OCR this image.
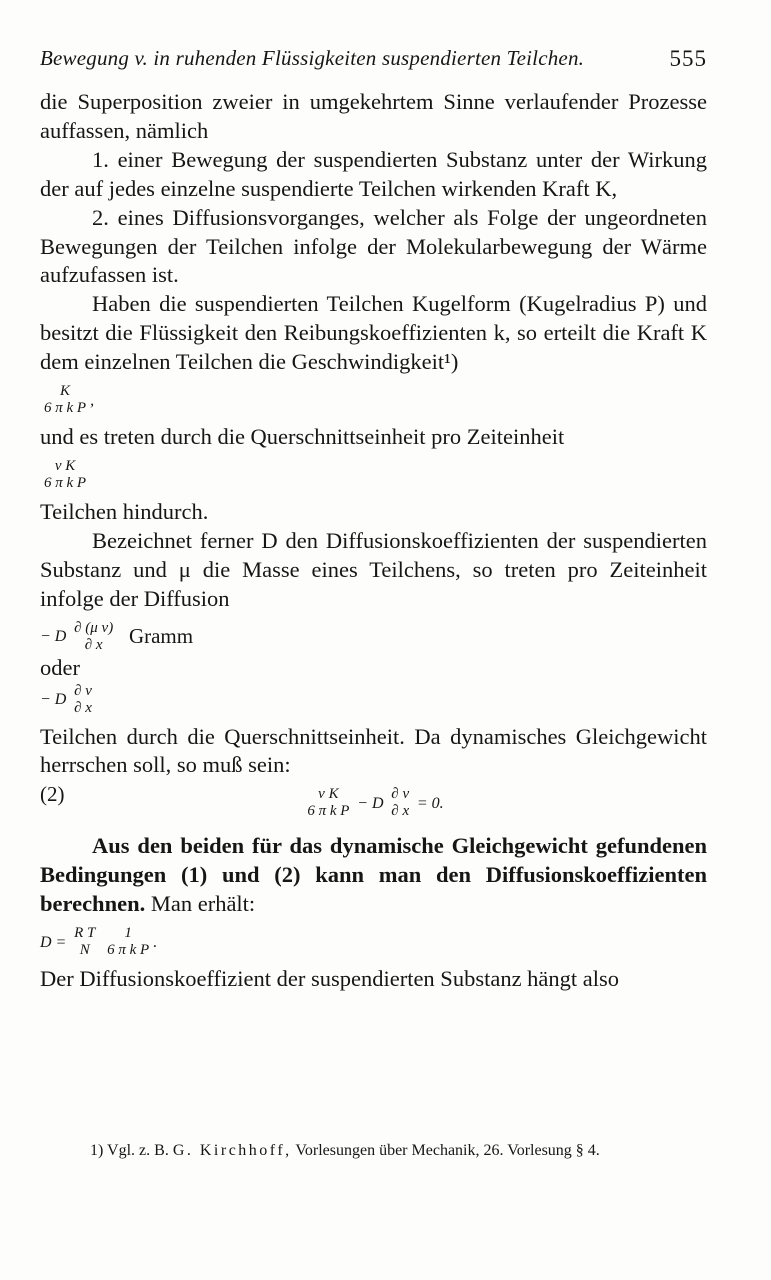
Bewegung v. in ruhenden Flüssigkeiten suspendierten Teilchen.	555

die Superposition zweier in umgekehrtem Sinne verlaufender Prozesse auffassen, nämlich

1. einer Bewegung der suspendierten Substanz unter der Wirkung der auf jedes einzelne suspendierte Teilchen wirkenden Kraft K,

2. eines Diffusionsvorganges, welcher als Folge der ungeordneten Bewegungen der Teilchen infolge der Molekularbewegung der Wärme aufzufassen ist.

Haben die suspendierten Teilchen Kugelform (Kugelradius P) und besitzt die Flüssigkeit den Reibungskoeffizienten k, so erteilt die Kraft K dem einzelnen Teilchen die Geschwindigkeit¹)

K
6 π k P ,

und es treten durch die Querschnittseinheit pro Zeiteinheit

ν K
6 π k P

Teilchen hindurch.

Bezeichnet ferner D den Diffusionskoeffizienten der suspendierten Substanz und μ die Masse eines Teilchens, so treten pro Zeiteinheit infolge der Diffusion

− D
∂ (μ ν)
∂ x	Gramm

oder

− D
∂ ν
∂ x

Teilchen durch die Querschnittseinheit. Da dynamisches Gleichgewicht herrschen soll, so muß sein:

(2)	ν K
6 π k P − D
∂ ν
∂ x = 0.

Aus den beiden für das dynamische Gleichgewicht gefundenen Bedingungen (1) und (2) kann man den Diffusionskoeffizienten berechnen. Man erhält:

D =
R T
N

1
6 π k P .

Der Diffusionskoeffizient der suspendierten Substanz hängt also

1) Vgl. z. B. G. Kirchhoff, Vorlesungen über Mechanik, 26. Vorlesung § 4.
